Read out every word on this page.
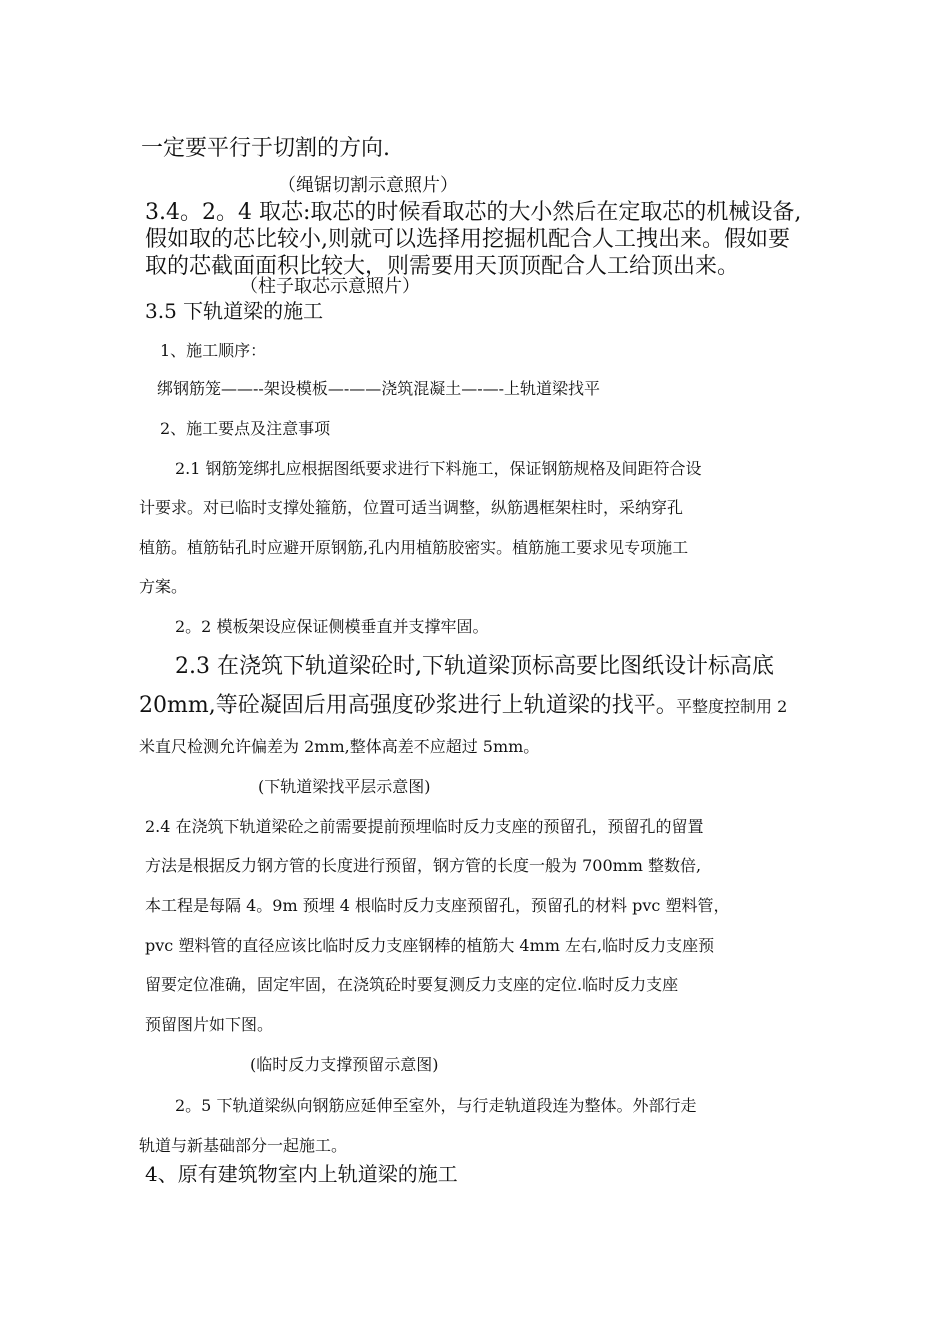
一定要平行于切割的方向.
（绳锯切割示意照片）
3.4。2。4 取芯:取芯的时候看取芯的大小然后在定取芯的机械设备,
假如取的芯比较小,则就可以选择用挖掘机配合人工拽出来。假如要
取的芯截面面积比较大，则需要用天顶顶配合人工给顶出来。
（柱子取芯示意照片）
3.5 下轨道梁的施工
1、施工顺序：
绑钢筋笼——--架设模板—-——浇筑混凝土—-—-上轨道梁找平
2、施工要点及注意事项
2.1 钢筋笼绑扎应根据图纸要求进行下料施工，保证钢筋规格及间距符合设
计要求。对已临时支撑处箍筋，位置可适当调整，纵筋遇框架柱时，采纳穿孔
植筋。植筋钻孔时应避开原钢筋,孔内用植筋胶密实。植筋施工要求见专项施工
方案。
2。2 模板架设应保证侧模垂直并支撑牢固。
2.3 在浇筑下轨道梁砼时,下轨道梁顶标高要比图纸设计标高底
20mm,等砼凝固后用高强度砂浆进行上轨道梁的找平。
平整度控制用 2
米直尺检测允许偏差为 2mm,整体高差不应超过 5mm。
(下轨道梁找平层示意图)
2.4 在浇筑下轨道梁砼之前需要提前预埋临时反力支座的预留孔，预留孔的留置
方法是根据反力钢方管的长度进行预留，钢方管的长度一般为 700mm 整数倍,
本工程是每隔 4。9m 预埋 4 根临时反力支座预留孔，预留孔的材料 pvc 塑料管，
pvc 塑料管的直径应该比临时反力支座钢棒的植筋大 4mm 左右,临时反力支座预
留要定位准确，固定牢固，在浇筑砼时要复测反力支座的定位.临时反力支座
预留图片如下图。
(临时反力支撑预留示意图)
2。5 下轨道梁纵向钢筋应延伸至室外，与行走轨道段连为整体。外部行走
轨道与新基础部分一起施工。
4、原有建筑物室内上轨道梁的施工
